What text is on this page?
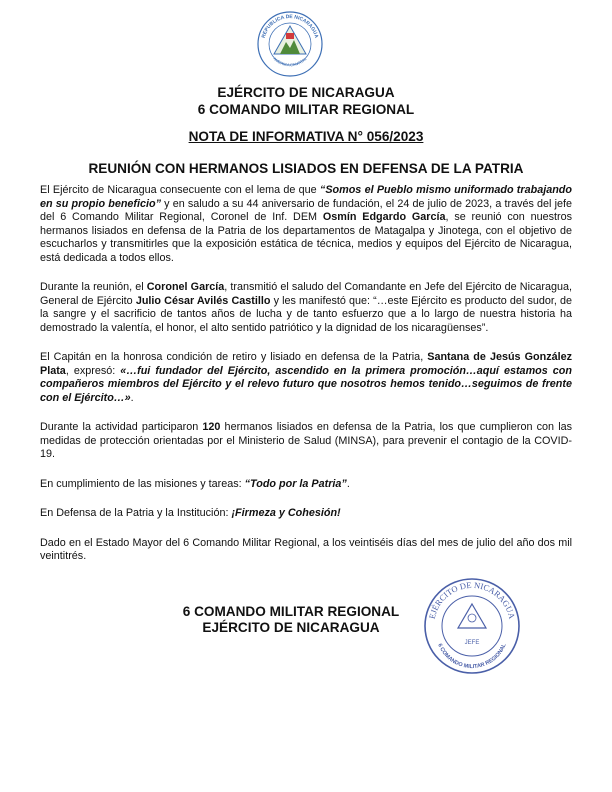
REPUBLICA DE NICARAGUA
AMERICA CENTRAL
EJÉRCITO DE NICARAGUA
6 COMANDO MILITAR REGIONAL
NOTA DE INFORMATIVA N° 056/2023
REUNIÓN CON HERMANOS LISIADOS EN DEFENSA DE LA PATRIA

El Ejército de Nicaragua consecuente con el lema de que “Somos el Pueblo mismo uniformado trabajando en su propio beneficio” y en saludo a su 44 aniversario de fundación, el 24 de julio de 2023, a través del jefe del 6 Comando Militar Regional, Coronel de Inf. DEM Osmín Edgardo García, se reunió con nuestros hermanos lisiados en defensa de la Patria de los departamentos de Matagalpa y Jinotega, con el objetivo de escucharlos y transmitirles que la exposición estática de técnica, medios y equipos del Ejército de Nicaragua, está dedicada a todos ellos.

Durante la reunión, el Coronel García, transmitió el saludo del Comandante en Jefe del Ejército de Nicaragua, General de Ejército Julio César Avilés Castillo y les manifestó que: “…este Ejército es producto del sudor, de la sangre y el sacrificio de tantos años de lucha y de tanto esfuerzo que a lo largo de nuestra historia ha demostrado la valentía, el honor, el alto sentido patriótico y la dignidad de los nicaragüenses”.

El Capitán en la honrosa condición de retiro y lisiado en defensa de la Patria, Santana de Jesús González Plata, expresó: «…fui fundador del Ejército, ascendido en la primera promoción…aquí estamos con compañeros miembros del Ejército y el relevo futuro que nosotros hemos tenido…seguimos de frente con el Ejército…».

Durante la actividad participaron 120 hermanos lisiados en defensa de la Patria, los que cumplieron con las medidas de protección orientadas por el Ministerio de Salud (MINSA), para prevenir el contagio de la COVID-19.

En cumplimiento de las misiones y tareas: “Todo por la Patria”.

En Defensa de la Patria y la Institución: ¡Firmeza y Cohesión!

Dado en el Estado Mayor del 6 Comando Militar Regional, a los veintiséis días del mes de julio del año dos mil veintitrés.

6 COMANDO MILITAR REGIONAL
EJÉRCITO DE NICARAGUA
JEFE
EJÉRCITO DE NICARAGUA
6 COMANDO MILITAR REGIONAL
